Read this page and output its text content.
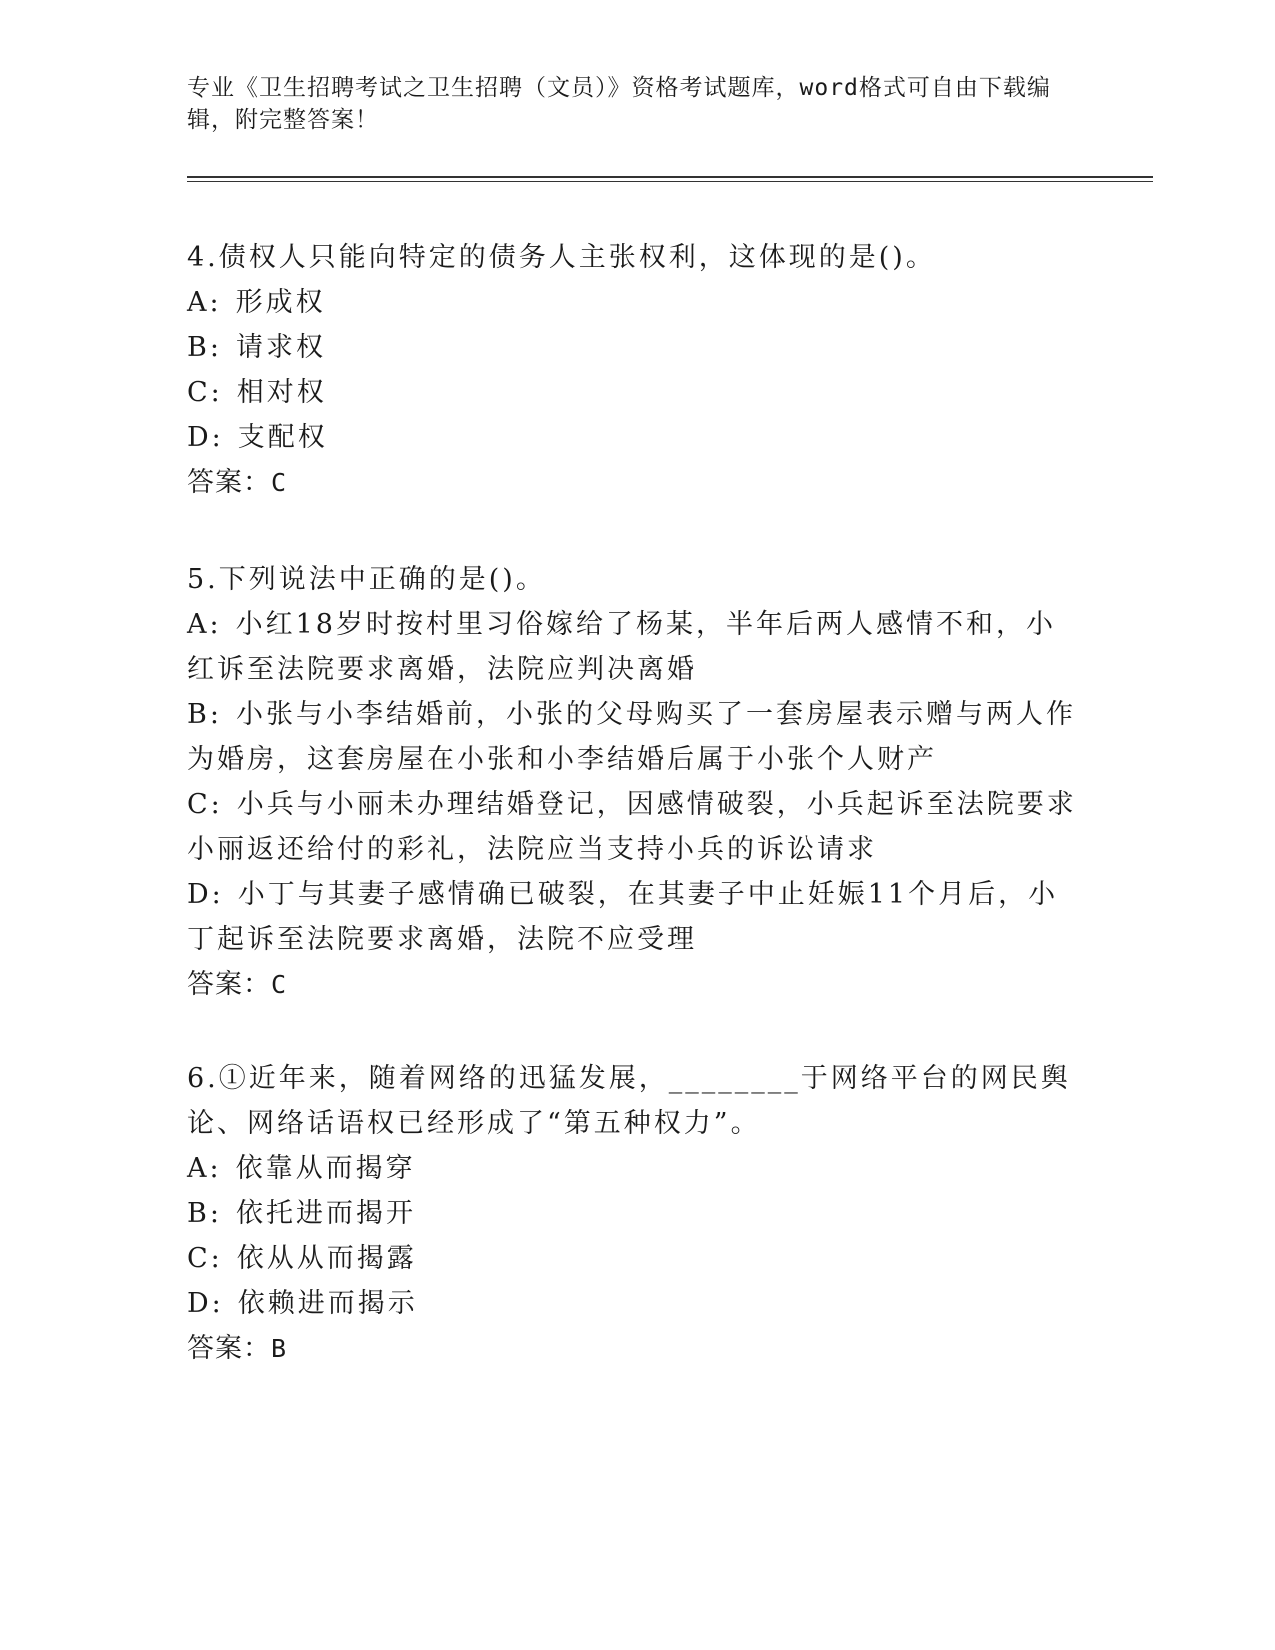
专业《卫生招聘考试之卫生招聘（文员）》资格考试题库，word格式可自由下载编辑，附完整答案！

4.债权人只能向特定的债务人主张权利，这体现的是()。

A: 形成权

B: 请求权

C: 相对权

D: 支配权

答案：C

5.下列说法中正确的是()。

A: 小红18岁时按村里习俗嫁给了杨某，半年后两人感情不和，小红诉至法院要求离婚，法院应判决离婚

B: 小张与小李结婚前，小张的父母购买了一套房屋表示赠与两人作为婚房，这套房屋在小张和小李结婚后属于小张个人财产

C: 小兵与小丽未办理结婚登记，因感情破裂，小兵起诉至法院要求小丽返还给付的彩礼，法院应当支持小兵的诉讼请求

D: 小丁与其妻子感情确已破裂，在其妻子中止妊娠11个月后，小丁起诉至法院要求离婚，法院不应受理

答案：C

6.①近年来，随着网络的迅猛发展，________于网络平台的网民舆论、网络话语权已经形成了“第五种权力”。

A: 依靠从而揭穿

B: 依托进而揭开

C: 依从从而揭露

D: 依赖进而揭示

答案：B
